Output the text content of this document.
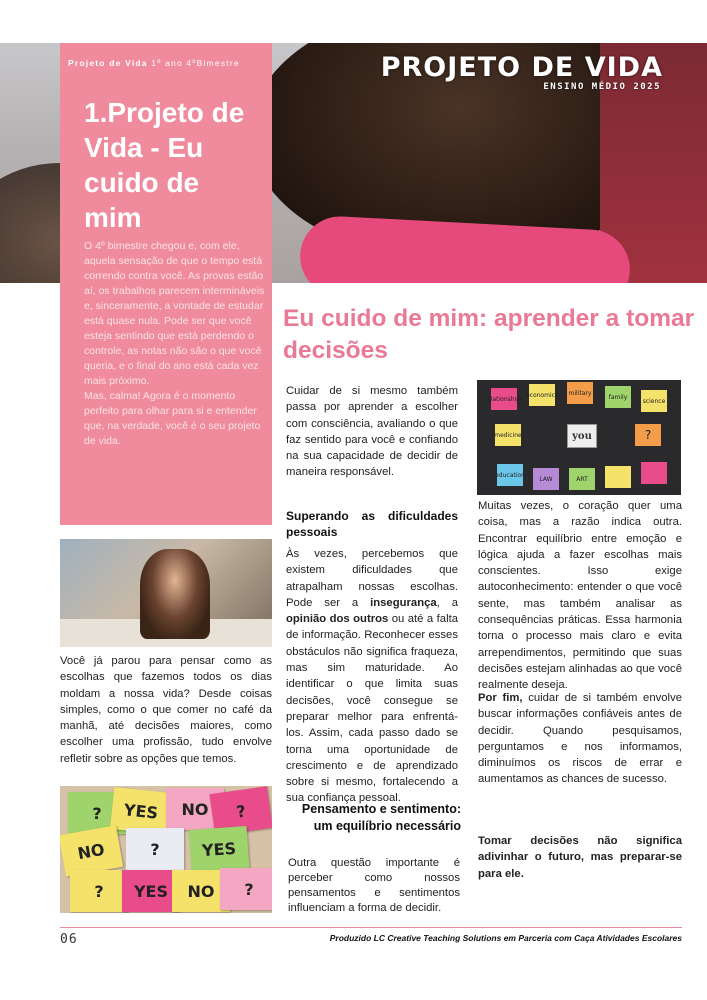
PROJETO DE VIDA
ENSINO MÉDIO 2025
Projeto de Vida 1º ano 4ºBimestre
1.Projeto de Vida - Eu cuido de mim
O 4º bimestre chegou e, com ele, aquela sensação de que o tempo está correndo contra você. As provas estão aí, os trabalhos parecem intermináveis e, sinceramente, a vontade de estudar está quase nula. Pode ser que você esteja sentindo que está perdendo o controle, as notas não são o que você queria, e o final do ano está cada vez mais próximo.
Mas, calma! Agora é o momento perfeito para olhar para si e entender que, na verdade, você é o seu projeto de vida.
Eu cuido de mim: aprender a tomar decisões
Cuidar de si mesmo também passa por aprender a escolher com consciência, avaliando o que faz sentido para você e confiando na sua capacidade de decidir de maneira responsável.
Superando as dificuldades pessoais
Às vezes, percebemos que existem dificuldades que atrapalham nossas escolhas. Pode ser a insegurança, a opinião dos outros ou até a falta de informação. Reconhecer esses obstáculos não significa fraqueza, mas sim maturidade. Ao identificar o que limita suas decisões, você consegue se preparar melhor para enfrentá-los. Assim, cada passo dado se torna uma oportunidade de crescimento e de aprendizado sobre si mesmo, fortalecendo a sua confiança pessoal.
Pensamento e sentimento: um equilíbrio necessário
Outra questão importante é perceber como nossos pensamentos e sentimentos influenciam a forma de decidir.
Você já parou para pensar como as escolhas que fazemos todos os dias moldam a nossa vida? Desde coisas simples, como o que comer no café da manhã, até decisões maiores, como escolher uma profissão, tudo envolve refletir sobre as opções que temos.
?	YES	NO	?
NO	?	YES
?	YES	NO	?
relationships
economics military
family
science
medicine	you	?
education
LAW	ART
Muitas vezes, o coração quer uma coisa, mas a razão indica outra. Encontrar equilíbrio entre emoção e lógica ajuda a fazer escolhas mais conscientes. Isso exige autoconhecimento: entender o que você sente, mas também analisar as consequências práticas. Essa harmonia torna o processo mais claro e evita arrependimentos, permitindo que suas decisões estejam alinhadas ao que você realmente deseja.
Por fim, cuidar de si também envolve buscar informações confiáveis antes de decidir. Quando pesquisamos, perguntamos e nos informamos, diminuímos os riscos de errar e aumentamos as chances de sucesso.
Tomar decisões não significa adivinhar o futuro, mas preparar-se para ele.
06	Produzido LC Creative Teaching Solutions em Parceria com Caça Atividades Escolares
